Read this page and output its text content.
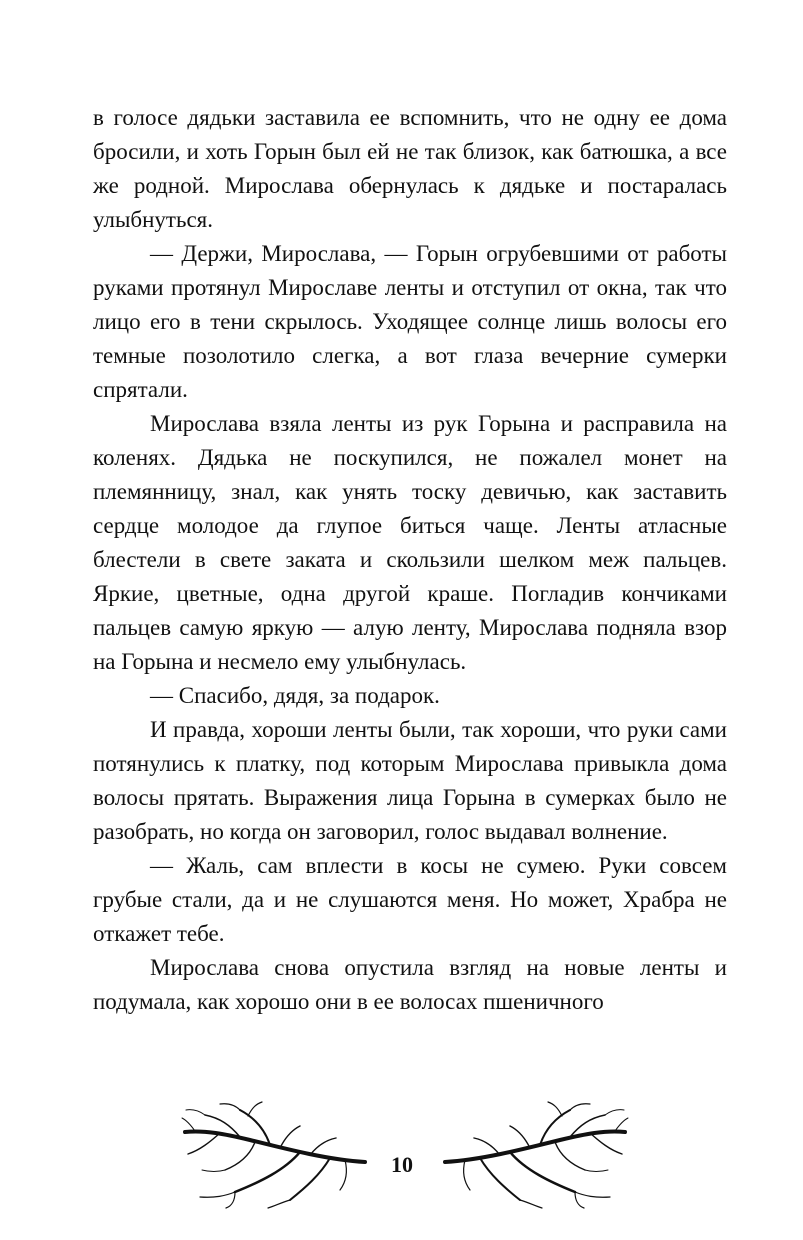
в голосе дядьки заставила ее вспомнить, что не одну ее дома бросили, и хоть Горын был ей не так близок, как батюшка, а все же родной. Мирослава обернулась к дядьке и постаралась улыбнуться.

— Держи, Мирослава, — Горын огрубевшими от работы руками протянул Мирославе ленты и отступил от окна, так что лицо его в тени скрылось. Уходящее солнце лишь волосы его темные позолотило слегка, а вот глаза вечерние сумерки спрятали.

Мирослава взяла ленты из рук Горына и расправила на коленях. Дядька не поскупился, не пожалел монет на племянницу, знал, как унять тоску девичью, как заставить сердце молодое да глупое биться чаще. Ленты атласные блестели в свете заката и скользили шелком меж пальцев. Яркие, цветные, одна другой краше. Погладив кончиками пальцев самую яркую — алую ленту, Мирослава подняла взор на Горына и несмело ему улыбнулась.

— Спасибо, дядя, за подарок.

И правда, хороши ленты были, так хороши, что руки сами потянулись к платку, под которым Мирослава привыкла дома волосы прятать. Выражения лица Горына в сумерках было не разобрать, но когда он заговорил, голос выдавал волнение.

— Жаль, сам вплести в косы не сумею. Руки совсем грубые стали, да и не слушаются меня. Но может, Храбра не откажет тебе.

Мирослава снова опустила взгляд на новые ленты и подумала, как хорошо они в ее волосах пшеничного

10
